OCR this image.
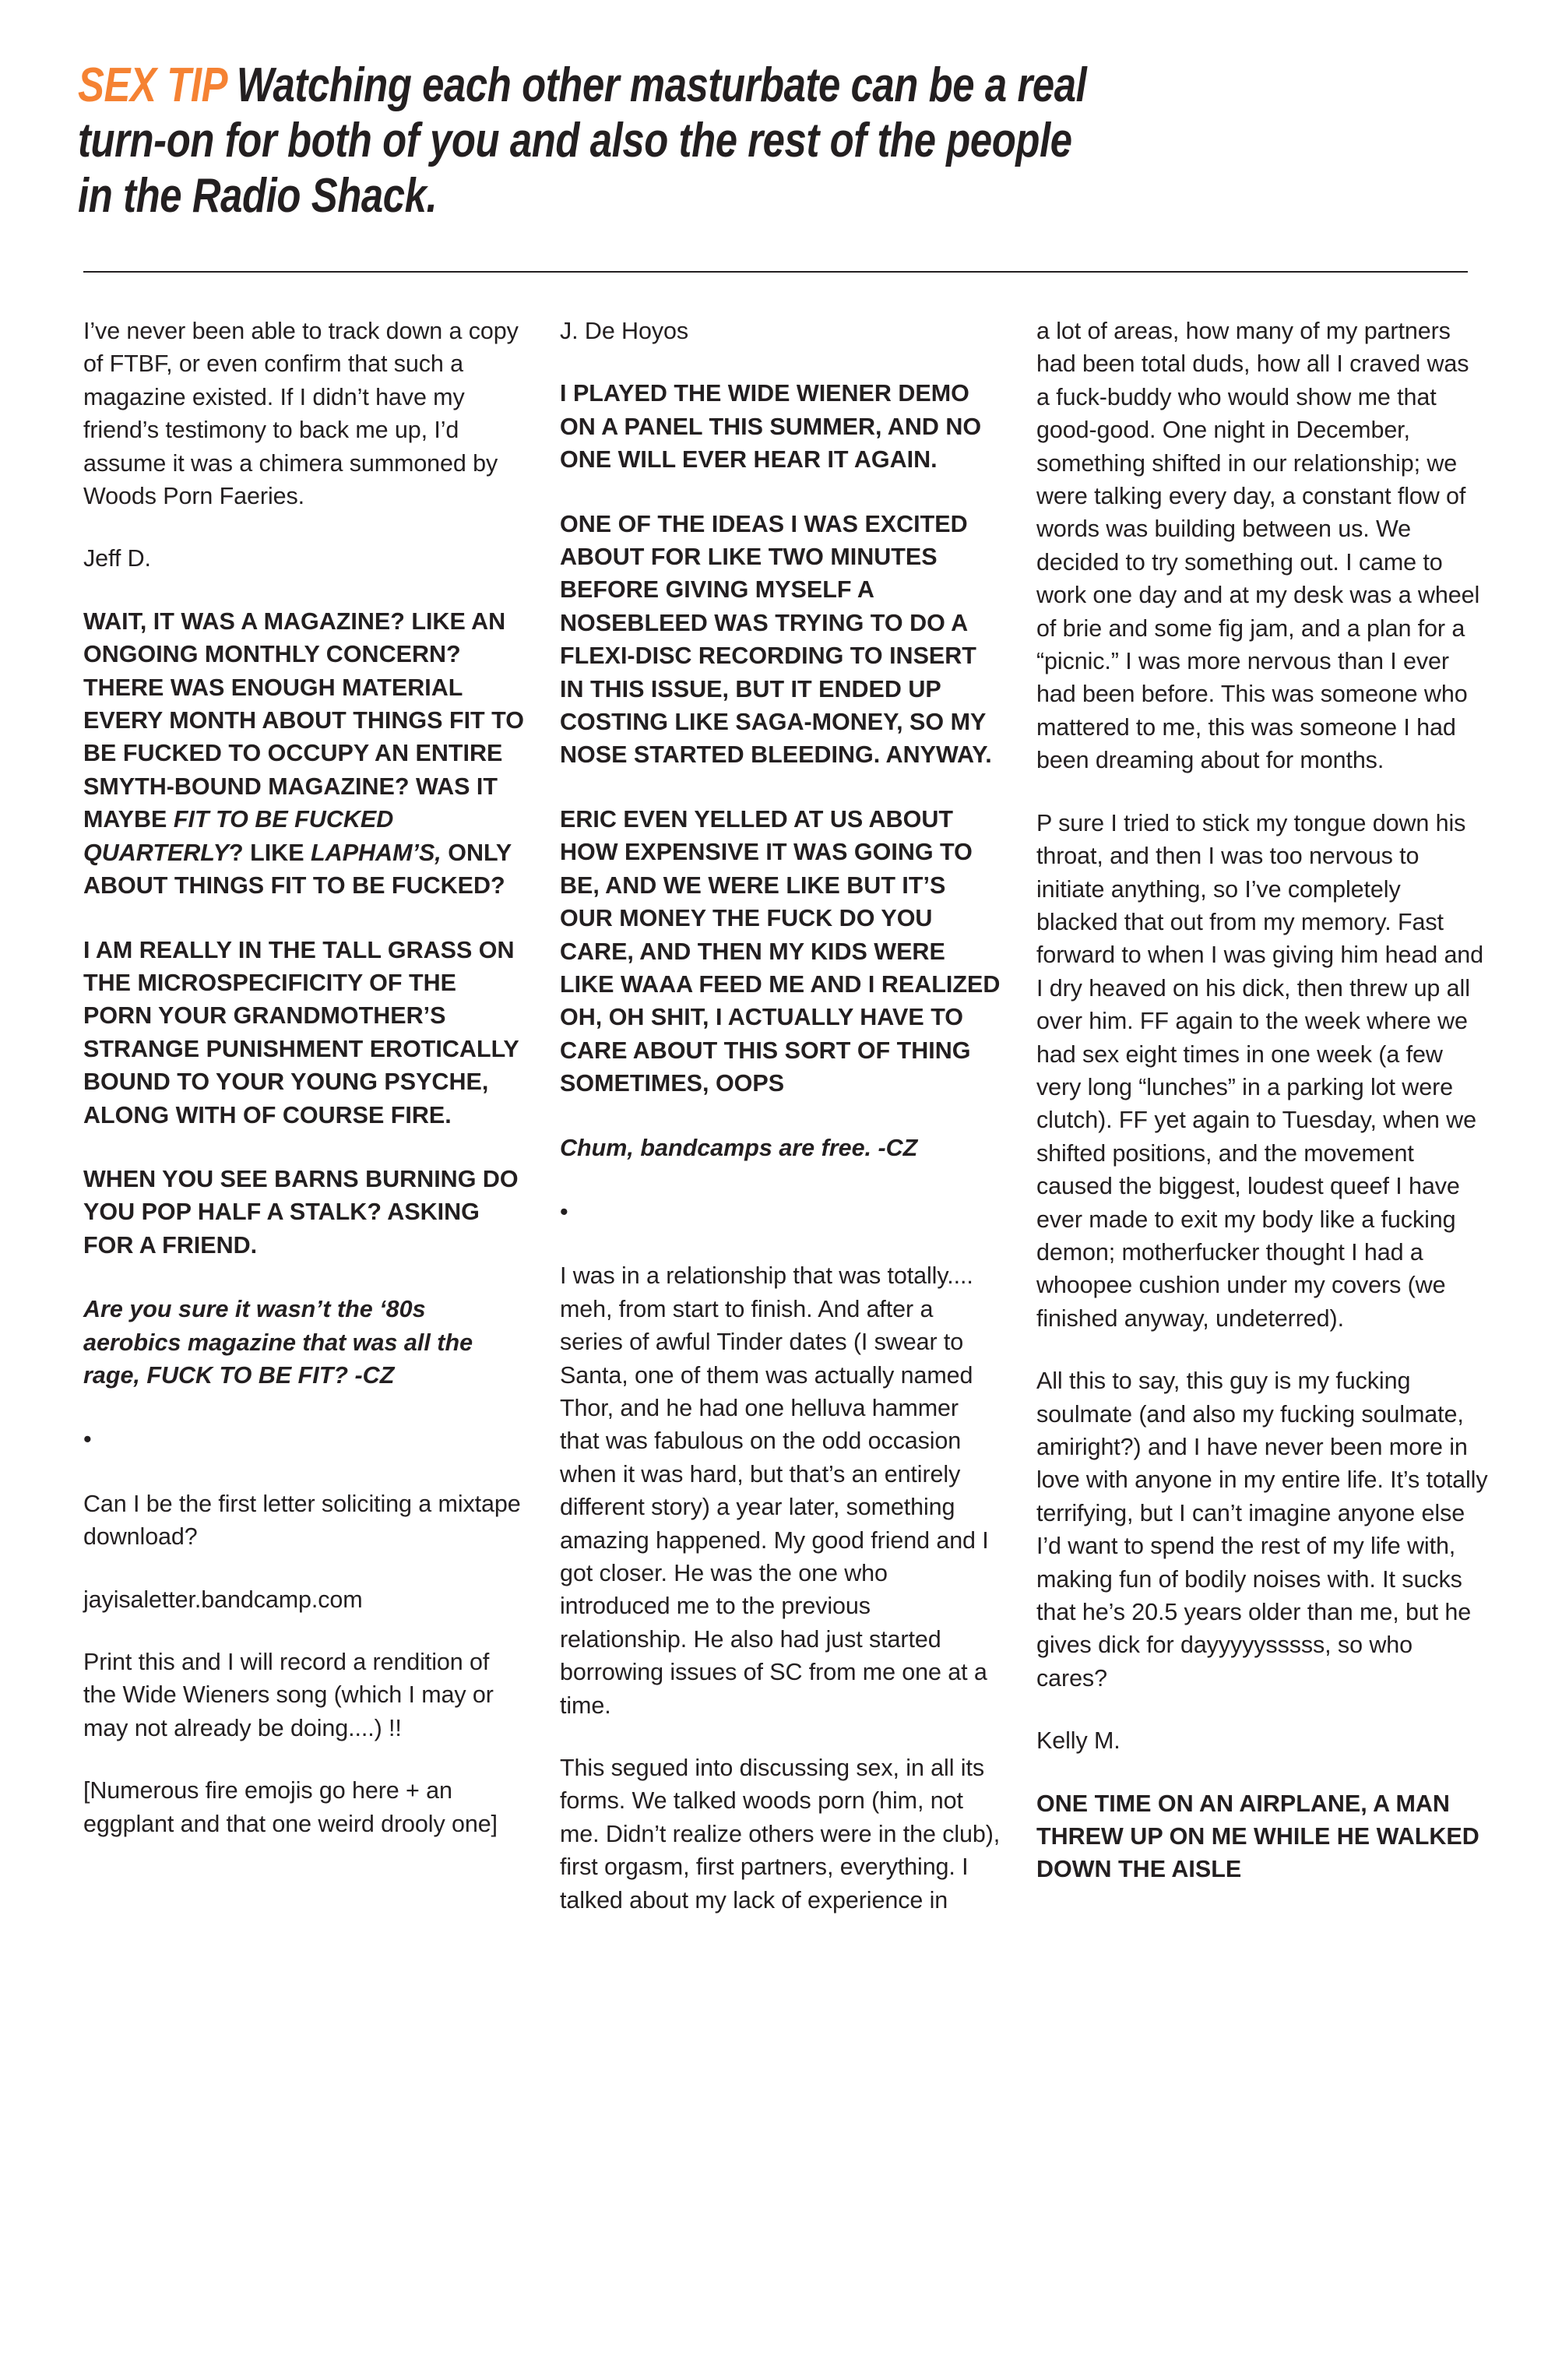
SEX TIP Watching each other masturbate can be a real
turn-on for both of you and also the rest of the people
in the Radio Shack.

I’ve never been able to track down a copy of FTBF, or even confirm that such a magazine existed. If I didn’t have my friend’s testimony to back me up, I’d assume it was a chimera summoned by Woods Porn Faeries.

Jeff D.

WAIT, IT WAS A MAGAZINE? LIKE AN ONGOING MONTHLY CONCERN? THERE WAS ENOUGH MATERIAL EVERY MONTH ABOUT THINGS FIT TO BE FUCKED TO OCCUPY AN ENTIRE SMYTH-BOUND MAGAZINE? WAS IT MAYBE FIT TO BE FUCKED QUARTERLY? LIKE LAPHAM’S, ONLY ABOUT THINGS FIT TO BE FUCKED?

I AM REALLY IN THE TALL GRASS ON THE MICROSPECIFICITY OF THE PORN YOUR GRANDMOTHER’S STRANGE PUNISHMENT EROTICALLY BOUND TO YOUR YOUNG PSYCHE, ALONG WITH OF COURSE FIRE.

WHEN YOU SEE BARNS BURNING DO YOU POP HALF A STALK? ASKING FOR A FRIEND.

Are you sure it wasn’t the ‘80s aerobics magazine that was all the rage, FUCK TO BE FIT? -CZ

•

Can I be the first letter soliciting a mixtape download?

jayisaletter.bandcamp.com

Print this and I will record a rendition of the Wide Wieners song (which I may or may not already be doing....) !!

[Numerous fire emojis go here + an eggplant and that one weird drooly one]

J. De Hoyos

I PLAYED THE WIDE WIENER DEMO ON A PANEL THIS SUMMER, AND NO ONE WILL EVER HEAR IT AGAIN.

ONE OF THE IDEAS I WAS EXCITED ABOUT FOR LIKE TWO MINUTES BEFORE GIVING MYSELF A NOSEBLEED WAS TRYING TO DO A FLEXI-DISC RECORDING TO INSERT IN THIS ISSUE, BUT IT ENDED UP COSTING LIKE SAGA-MONEY, SO MY NOSE STARTED BLEEDING. ANYWAY.

ERIC EVEN YELLED AT US ABOUT HOW EXPENSIVE IT WAS GOING TO BE, AND WE WERE LIKE BUT IT’S OUR MONEY THE FUCK DO YOU CARE, AND THEN MY KIDS WERE LIKE WAAA FEED ME AND I REALIZED OH, OH SHIT, I ACTUALLY HAVE TO CARE ABOUT THIS SORT OF THING SOMETIMES, OOPS

Chum, bandcamps are free. -CZ

•

I was in a relationship that was totally.... meh, from start to finish. And after a series of awful Tinder dates (I swear to Santa, one of them was actually named Thor, and he had one helluva hammer that was fabulous on the odd occasion when it was hard, but that’s an entirely different story) a year later, something amazing happened. My good friend and I got closer. He was the one who introduced me to the previous relationship. He also had just started borrowing issues of SC from me one at a time.

This segued into discussing sex, in all its forms. We talked woods porn (him, not me. Didn’t realize others were in the club), first orgasm, first partners, everything. I talked about my lack of experience in

a lot of areas, how many of my partners had been total duds, how all I craved was a fuck-buddy who would show me that good-good. One night in December, something shifted in our relationship; we were talking every day, a constant flow of words was building between us. We decided to try something out. I came to work one day and at my desk was a wheel of brie and some fig jam, and a plan for a “picnic.” I was more nervous than I ever had been before. This was someone who mattered to me, this was someone I had been dreaming about for months.

P sure I tried to stick my tongue down his throat, and then I was too nervous to initiate anything, so I’ve completely blacked that out from my memory. Fast forward to when I was giving him head and I dry heaved on his dick, then threw up all over him. FF again to the week where we had sex eight times in one week (a few very long “lunches” in a parking lot were clutch). FF yet again to Tuesday, when we shifted positions, and the movement caused the biggest, loudest queef I have ever made to exit my body like a fucking demon; motherfucker thought I had a whoopee cushion under my covers (we finished anyway, undeterred).

All this to say, this guy is my fucking soulmate (and also my fucking soulmate, amiright?) and I have never been more in love with anyone in my entire life. It’s totally terrifying, but I can’t imagine anyone else I’d want to spend the rest of my life with, making fun of bodily noises with. It sucks that he’s 20.5 years older than me, but he gives dick for dayyyyysssss, so who cares?

Kelly M.

ONE TIME ON AN AIRPLANE, A MAN THREW UP ON ME WHILE HE WALKED DOWN THE AISLE
